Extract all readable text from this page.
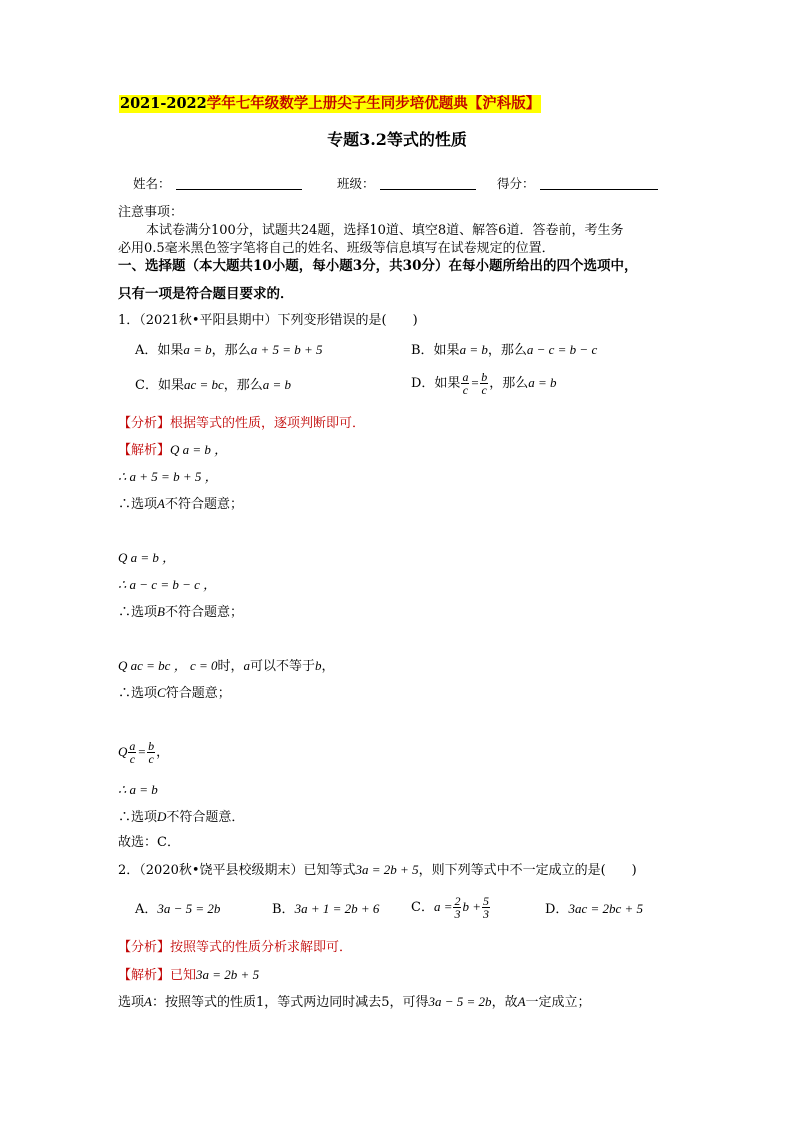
2021-2022学年七年级数学上册尖子生同步培优题典【沪科版】
专题3.2等式的性质
姓名：	班级：	得分：
注意事项：
本试卷满分100分，试题共24题，选择10道、填空8道、解答6道．答卷前，考生务
必用0.5毫米黑色签字笔将自己的姓名、班级等信息填写在试卷规定的位置．
一、选择题（本大题共10小题，每小题3分，共30分）在每小题所给出的四个选项中，
只有一项是符合题目要求的．
1．（2021秋•平阳县期中）下列变形错误的是(　　)
A．如果a = b，那么a + 5 = b + 5	B．如果a = b，那么a − c = b − c
C．如果ac = bc，那么a = b	D．如果 $\frac{a}{c} = \frac{b}{c}$ ，那么a = b
【分析】根据等式的性质，逐项判断即可．
【解析】Q a = b ，
∴ a + 5 = b + 5 ，
∴选项A不符合题意；
Q a = b ，
∴ a − c = b − c ，
∴选项B不符合题意；
Q ac = bc ， c = 0时，a可以不等于b，
∴选项C符合题意；
Q $\frac{a}{c} = \frac{b}{c}$ ，
∴ a = b
∴选项D不符合题意．
故选：C．
2．（2020秋•饶平县校级期末）已知等式3a = 2b + 5，则下列等式中不一定成立的是(　　)
A．3a − 5 = 2b	B．3a + 1 = 2b + 6 C．$a = \frac{2}{3}$ $b + \frac{5}{3}$	D．3ac = 2bc + 5
【分析】按照等式的性质分析求解即可．
【解析】已知3a = 2b + 5
选项A：按照等式的性质1，等式两边同时减去5，可得3a − 5 = 2b，故A一定成立；
